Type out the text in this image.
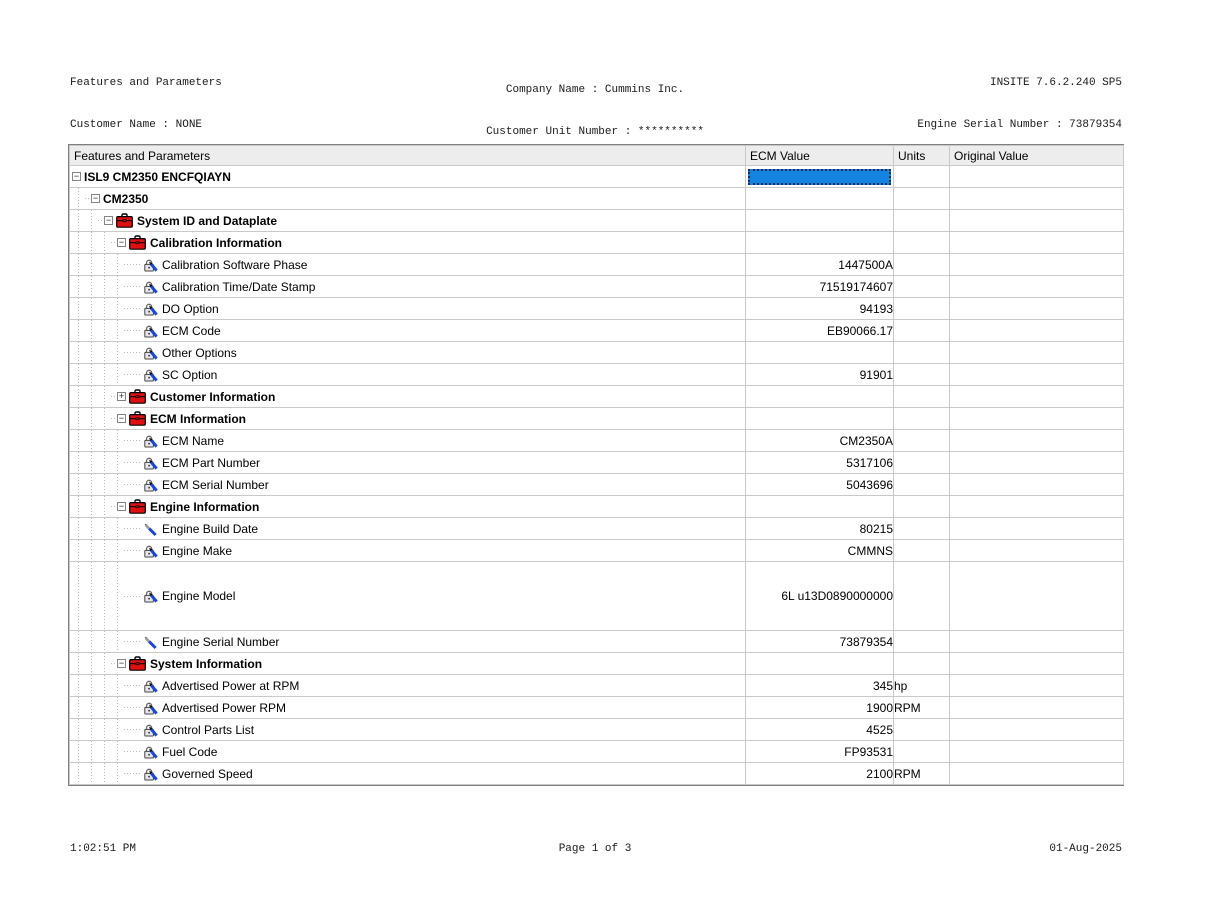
Features and Parameters

Customer Name : NONE

Company Name : Cummins Inc.

Customer Unit Number : **********

INSITE 7.6.2.240 SP5

Engine Serial Number : 73879354

Features and Parameters	ECM Value	Units	Original Value

− ISL9 CM2350 ENCFQIAYN			

− CM2350			

− System ID and Dataplate			

− Calibration Information			

Calibration Software Phase	1447500A		

Calibration Time/Date Stamp	71519174607		

DO Option	94193		

ECM Code	EB90066.17		

Other Options			

SC Option	91901		

+ Customer Information			

− ECM Information			

ECM Name	CM2350A		

ECM Part Number	5317106		

ECM Serial Number	5043696		

− Engine Information			

Engine Build Date	80215		

Engine Make	CMMNS		

Engine Model	6L u13D0890000000		

Engine Serial Number	73879354		

− System Information			

Advertised Power at RPM	345	hp	

Advertised Power RPM	1900	RPM	

Control Parts List	4525		

Fuel Code	FP93531		

Governed Speed	2100	RPM	
1:02:51 PM	Page 1 of 3	01-Aug-2025
